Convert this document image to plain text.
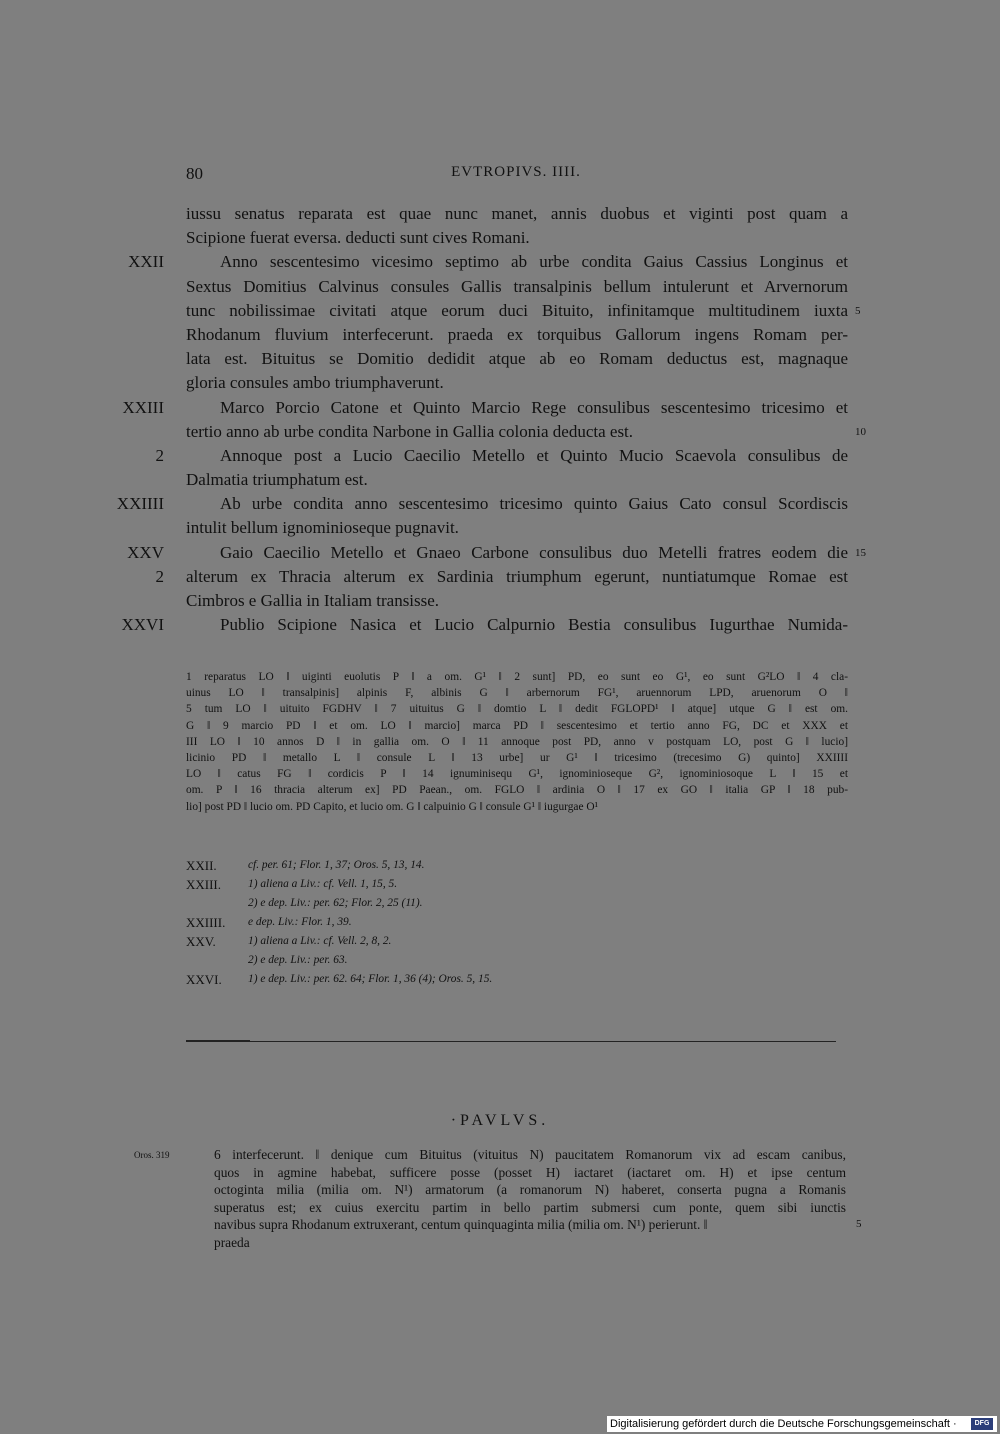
80	EVTROPIVS. IIII.
iussu senatus reparata est quae nunc manet, annis duobus et viginti post quam a
Scipione fuerat eversa. deducti sunt cives Romani.
Anno sescentesimo vicesimo septimo ab urbe condita Gaius Cassius Longinus et
XXII
Sextus Domitius Calvinus consules Gallis transalpinis bellum intulerunt et Arvernorum
tunc nobilissimae civitati atque eorum duci Bituito, infinitamque multitudinem iuxta 5
Rhodanum fluvium interfecerunt. praeda ex torquibus Gallorum ingens Romam per-
lata est. Bituitus se Domitio dedidit atque ab eo Romam deductus est, magnaque
gloria consules ambo triumphaverunt.
Marco Porcio Catone et Quinto Marcio Rege consulibus sescentesimo tricesimo et
XXIII
tertio anno ab urbe condita Narbone in Gallia colonia deducta est.	10
Annoque post a Lucio Caecilio Metello et Quinto Mucio Scaevola consulibus de
2
Dalmatia triumphatum est.
Ab urbe condita anno sescentesimo tricesimo quinto Gaius Cato consul Scordiscis
XXIIII
intulit bellum ignominioseque pugnavit.
Gaio Caecilio Metello et Gnaeo Carbone consulibus duo Metelli fratres eodem die
XXV	15
alterum ex Thracia alterum ex Sardinia triumphum egerunt, nuntiatumque Romae est
2
Cimbros e Gallia in Italiam transisse.
Publio Scipione Nasica et Lucio Calpurnio Bestia consulibus Iugurthae Numida-
XXVI
1 reparatus LO ‖ uiginti euolutis P ‖ a om. G¹ ‖ 2 sunt] PD, eo sunt eo G¹, eo sunt G²LO ‖ 4 cla-
uinus LO ‖ transalpinis] alpinis F, albinis G ‖ arbernorum FG¹, aruennorum LPD, aruenorum O ‖
5 tum LO ‖ uituito FGDHV ‖ 7 uituitus G ‖ domtio L ‖ dedit FGLOPD¹ ‖ atque] utque G ‖ est om.
G ‖ 9 marcio PD ‖ et om. LO ‖ marcio] marca PD ‖ sescentesimo et tertio anno FG, DC et XXX et
III LO ‖ 10 annos D ‖ in gallia om. O ‖ 11 annoque post PD, anno v postquam LO, post G ‖ lucio]
licinio PD ‖ metallo L ‖ consule L ‖ 13 urbe] ur G¹ ‖ tricesimo (trecesimo G) quinto] XXIIII
LO ‖ catus FG ‖ cordicis P ‖ 14 ignuminisequ G¹, ignominioseque G², ignominiosoque L ‖ 15 et
om. P ‖ 16 thracia alterum ex] PD Paean., om. FGLO ‖ ardinia O ‖ 17 ex GO ‖ italia GP ‖ 18 pub-
lio] post PD ‖ lucio om. PD Capito, et lucio om. G ‖ calpuinio G ‖ consule G¹ ‖ iugurgae O¹
XXII.	cf. per. 61; Flor. 1, 37; Oros. 5, 13, 14.
XXIII. 1) aliena a Liv.: cf. Vell. 1, 15, 5.
2) e dep. Liv.: per. 62; Flor. 2, 25 (11).
XXIIII. e dep. Liv.: Flor. 1, 39.
XXV.	1) aliena a Liv.: cf. Vell. 2, 8, 2.
2) e dep. Liv.: per. 63.
XXVI. 1) e dep. Liv.: per. 62. 64; Flor. 1, 36 (4); Oros. 5, 15.
·PAVLVS.
Oros. 319	6 interfecerunt. ‖ denique cum Bituitus (vituitus N) paucitatem Romanorum vix ad escam canibus,
quos in agmine habebat, sufficere posse (posset H) iactaret (iactaret om. H) et ipse centum
octoginta milia (milia om. N¹) armatorum (a romanorum N) haberet, conserta pugna a Romanis
superatus est; ex cuius exercitu partim in bello partim submersi cum ponte, quem sibi iunctis
navibus supra Rhodanum extruxerant, centum quinquaginta milia (milia om. N¹) perierunt. ‖
praeda
5
Digitalisierung gefördert durch die Deutsche Forschungsgemeinschaft ·	DFG
